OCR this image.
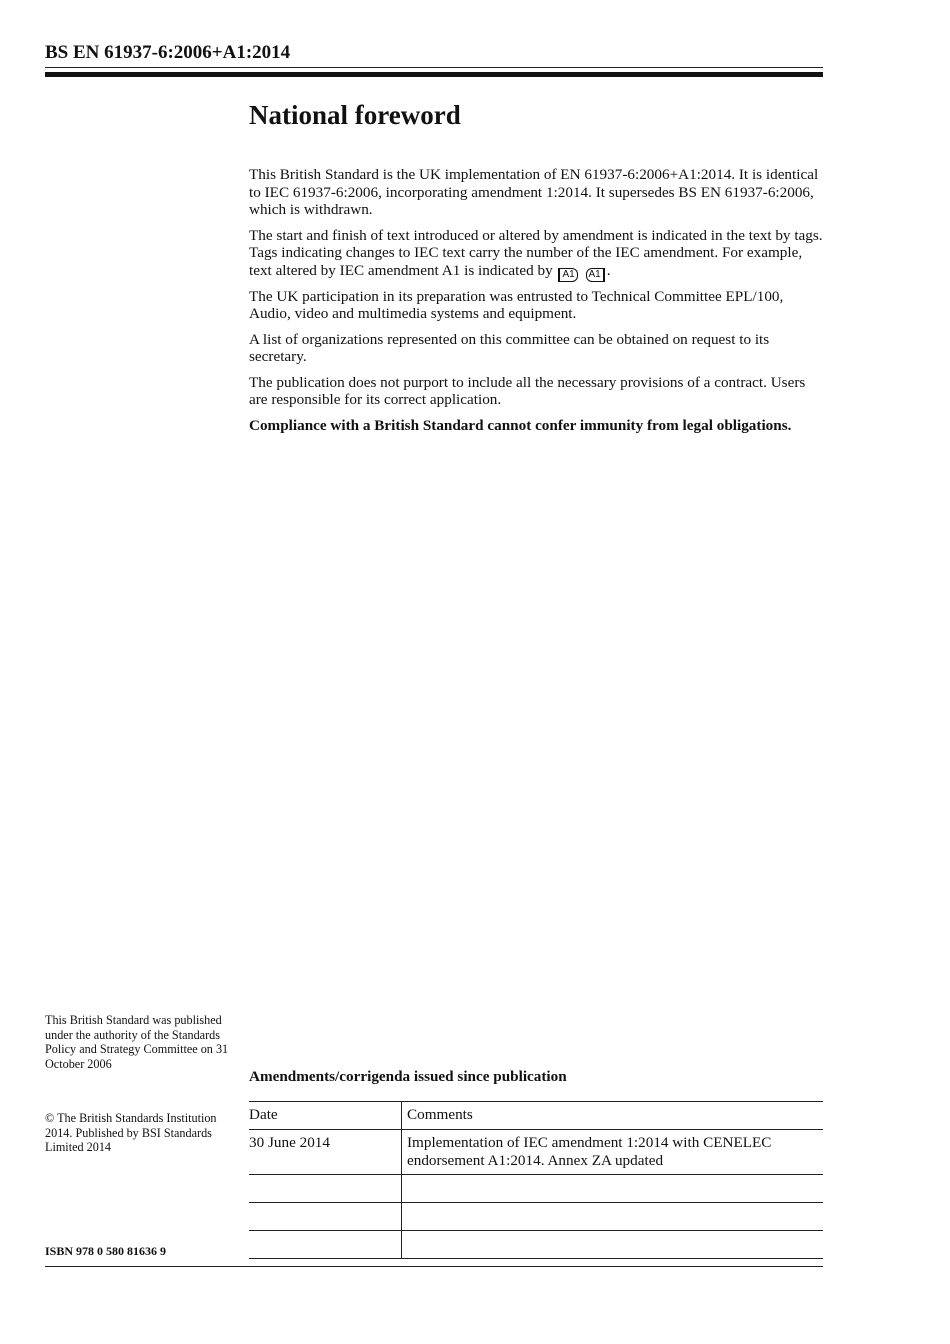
BS EN 61937-6:2006+A1:2014
National foreword

This British Standard is the UK implementation of EN 61937-6:2006+A1:2014. It is identical to IEC 61937-6:2006, incorporating amendment 1:2014. It supersedes BS EN 61937-6:2006, which is withdrawn.

The start and finish of text introduced or altered by amendment is indicated in the text by tags. Tags indicating changes to IEC text carry the number of the IEC amendment. For example, text altered by IEC amendment A1 is indicated by A1 A1 .

The UK participation in its preparation was entrusted to Technical Committee EPL/100, Audio, video and multimedia systems and equipment.

A list of organizations represented on this committee can be obtained on request to its secretary.

The publication does not purport to include all the necessary provisions of a contract. Users are responsible for its correct application.

Compliance with a British Standard cannot confer immunity from legal obligations.

This British Standard was published under the authority of the Standards Policy and Strategy Committee on 31 October 2006
© The British Standards Institution 2014. Published by BSI Standards Limited 2014
ISBN 978 0 580 81636 9
Amendments/corrigenda issued since publication
Date	Comments
30 June 2014	Implementation of IEC amendment 1:2014 with CENELEC endorsement A1:2014. Annex ZA updated
